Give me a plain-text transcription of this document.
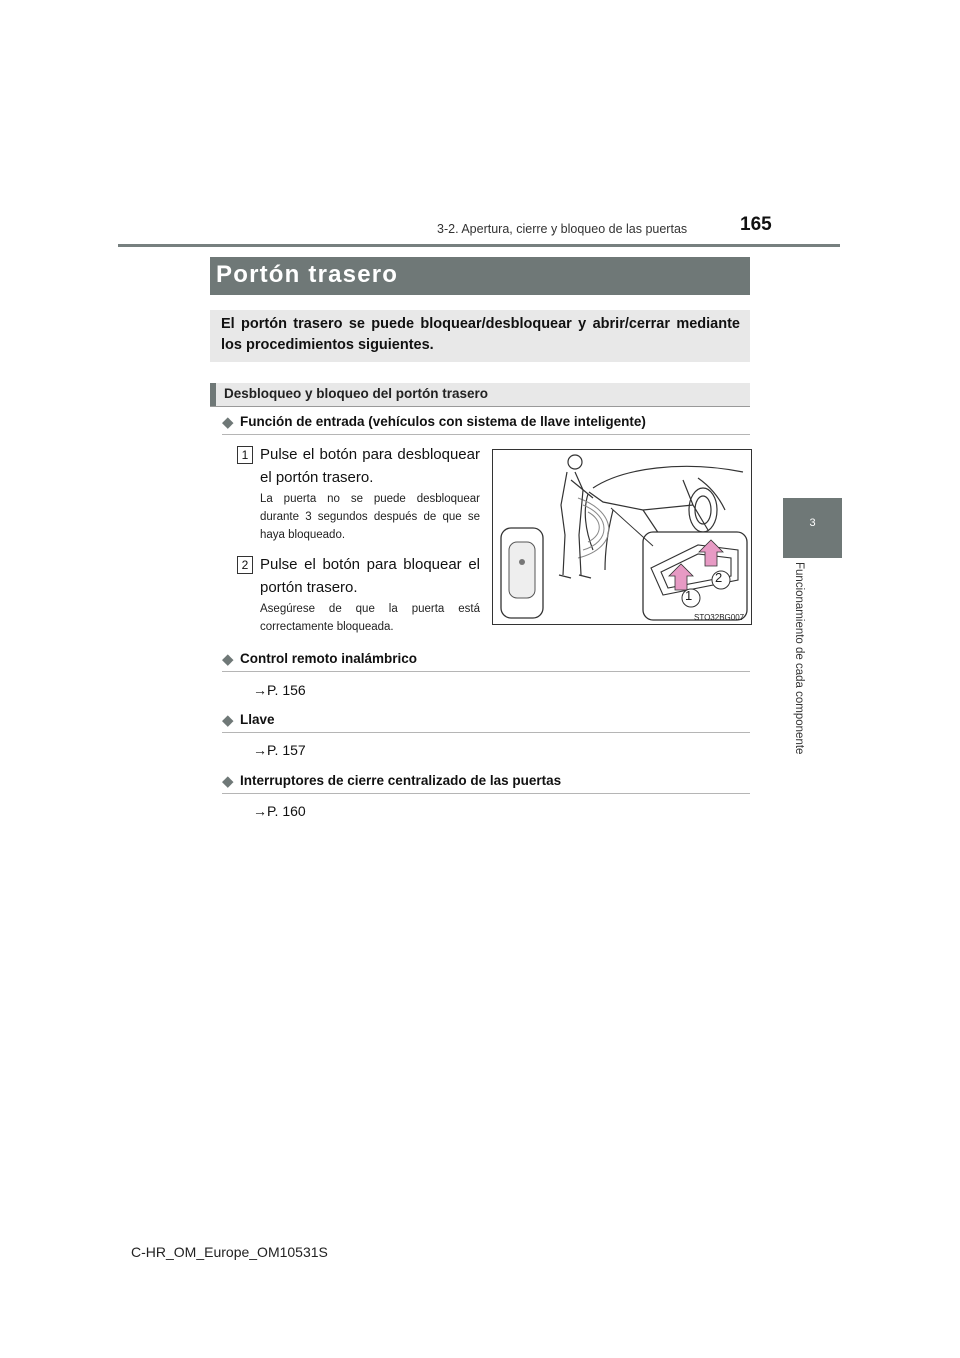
3-2. Apertura, cierre y bloqueo de las puertas	165
3
Funcionamiento de cada componente
Portón trasero
El portón trasero se puede bloquear/desbloquear y abrir/cerrar mediante los procedimientos siguientes.
Desbloqueo y bloqueo del portón trasero
◆ Función de entrada (vehículos con sistema de llave inteligente)
1 Pulse el botón para desbloquear el portón trasero.
La puerta no se puede desbloquear durante 3 segundos después de que se haya bloqueado.
2 Pulse el botón para bloquear el portón trasero.
Asegúrese de que la puerta está correctamente bloqueada.
1
2
STO32BG007
◆ Control remoto inalámbrico
→P. 156
◆ Llave
→P. 157
◆ Interruptores de cierre centralizado de las puertas
→P. 160
C-HR_OM_Europe_OM10531S
